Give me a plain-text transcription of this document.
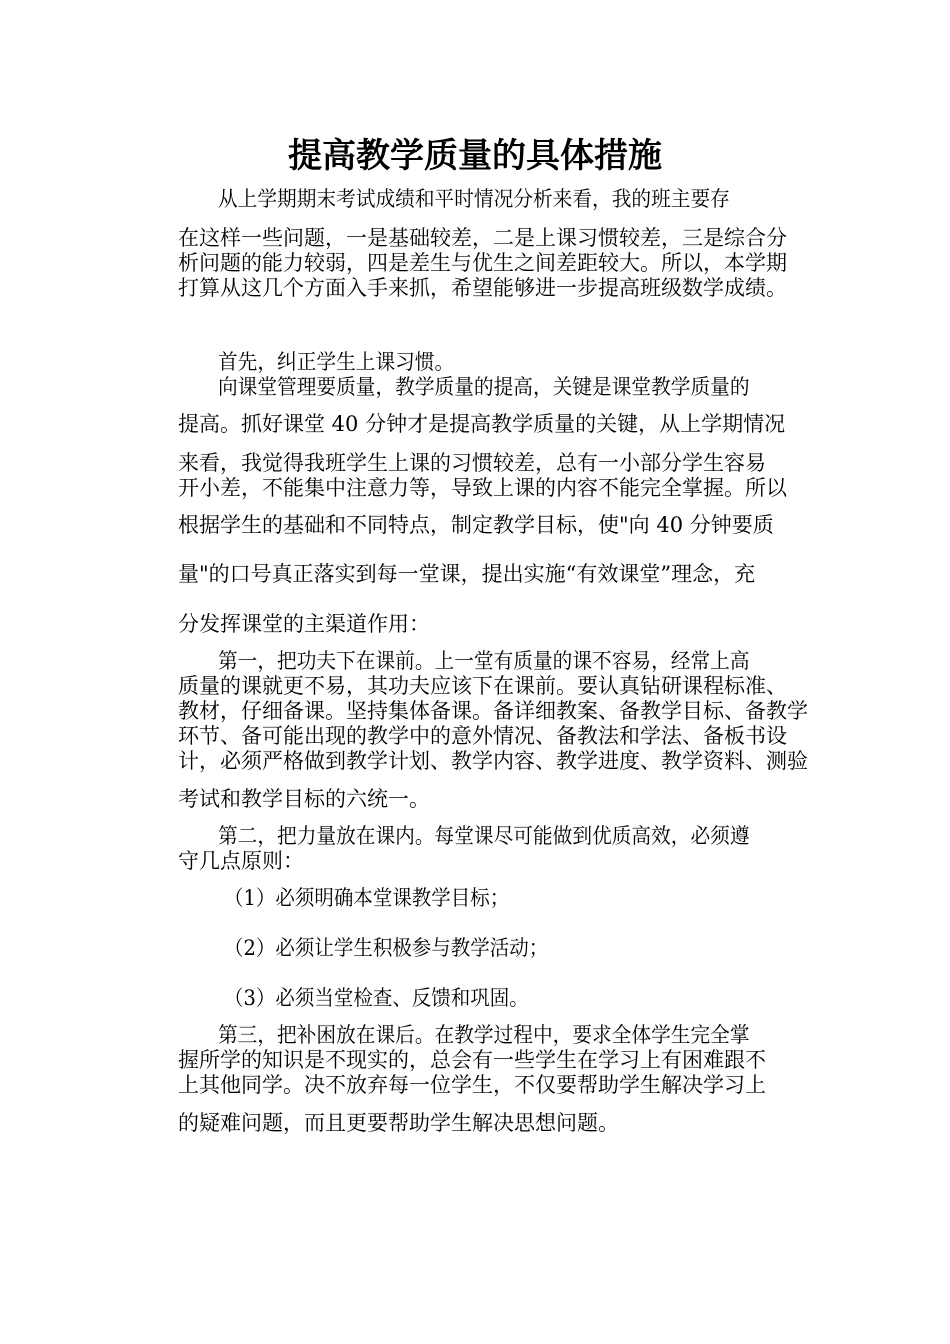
提高教学质量的具体措施

从上学期期末考试成绩和平时情况分析来看，我的班主要存

在这样一些问题，一是基础较差，二是上课习惯较差，三是综合分

析问题的能力较弱，四是差生与优生之间差距较大。所以，本学期

打算从这几个方面入手来抓，希望能够进一步提高班级数学成绩。

首先，纠正学生上课习惯。

向课堂管理要质量，教学质量的提高，关键是课堂教学质量的

提高。抓好课堂 40 分钟才是提高教学质量的关键，从上学期情况

来看，我觉得我班学生上课的习惯较差，总有一小部分学生容易

开小差，不能集中注意力等，导致上课的内容不能完全掌握。所以

根据学生的基础和不同特点，制定教学目标，使"向 40 分钟要质

量"的口号真正落实到每一堂课，提出实施“有效课堂”理念，充

分发挥课堂的主渠道作用：

第一，把功夫下在课前。上一堂有质量的课不容易，经常上高

质量的课就更不易，其功夫应该下在课前。要认真钻研课程标准、

教材，仔细备课。坚持集体备课。备详细教案、备教学目标、备教学

环节、备可能出现的教学中的意外情况、备教法和学法、备板书设

计，必须严格做到教学计划、教学内容、教学进度、教学资料、测验

考试和教学目标的六统一。

第二，把力量放在课内。每堂课尽可能做到优质高效，必须遵

守几点原则：

（1）必须明确本堂课教学目标；

（2）必须让学生积极参与教学活动；

（3）必须当堂检查、反馈和巩固。

第三，把补困放在课后。在教学过程中，要求全体学生完全掌

握所学的知识是不现实的，总会有一些学生在学习上有困难跟不

上其他同学。决不放弃每一位学生，不仅要帮助学生解决学习上

的疑难问题，而且更要帮助学生解决思想问题。
